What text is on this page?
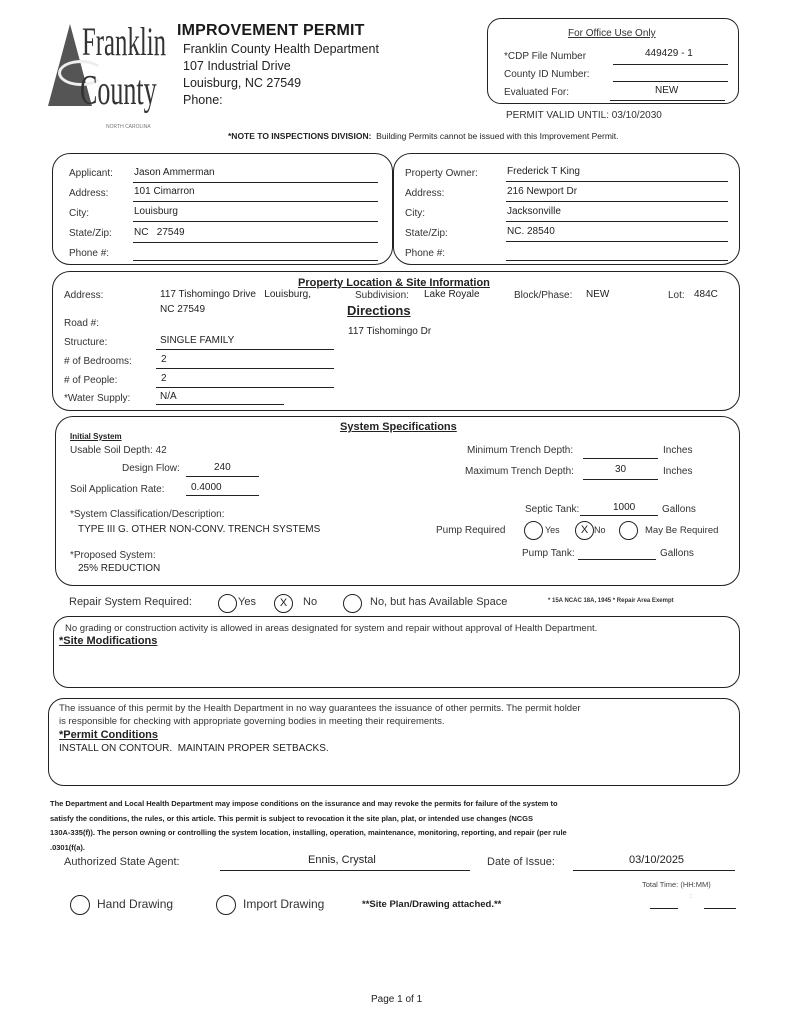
Franklin
County
NORTH CAROLINA
IMPROVEMENT PERMIT
Franklin County Health Department
107 Industrial Drive
Louisburg, NC 27549
Phone:
For Office Use Only
*CDP File Number	449429 - 1
County ID Number:
Evaluated For:	NEW
PERMIT VALID UNTIL: 03/10/2030
*NOTE TO INSPECTIONS DIVISION: Building Permits cannot be issued with this Improvement Permit.
Applicant: Jason Ammerman
Address:	101 Cimarron
City:	Louisburg
State/Zip: NC   27549
Phone #:
Property Owner:	Frederick T King
Address:	216 Newport Dr
City:	Jacksonville
State/Zip:	NC. 28540
Phone #:
Property Location & Site Information
Address:	117 Tishomingo Drive   Louisburg,
NC 27549
Subdivision: Lake Royale	Block/Phase: NEW	Lot: 484C
Directions
117 Tishomingo Dr
Road #:
Structure:	SINGLE FAMILY
# of Bedrooms:	2
# of People:	2
*Water Supply:	N/A
System Specifications
Initial System
Usable Soil Depth: 42
Design Flow:	240
Soil Application Rate:	0.4000
*System Classification/Description:
TYPE III G. OTHER NON-CONV. TRENCH SYSTEMS
*Proposed System:
25% REDUCTION
Minimum Trench Depth:	Inches
Maximum Trench Depth:	30	Inches
Septic Tank:	1000	Gallons
Pump Required	Yes	X No	May Be Required
Pump Tank:	Gallons
Repair System Required:	Yes	X	No	No, but has Available Space	* 15A NCAC 18A, 1945 * Repair Area Exempt
No grading or construction activity is allowed in areas designated for system and repair without approval of Health Department.
*Site Modifications
The issuance of this permit by the Health Department in no way guarantees the issuance of other permits. The permit holder
is responsible for checking with appropriate governing bodies in meeting their requirements.
*Permit Conditions
INSTALL ON CONTOUR.  MAINTAIN PROPER SETBACKS.
The Department and Local Health Department may impose conditions on the issurance and may revoke the permits for failure of the system to
satisfy the conditions, the rules, or this article. This permit is subject to revocation it the site plan, plat, or intended use changes (NCGS
130A-335(f)). The person owning or controlling the system location, installing, operation, maintenance, monitoring, reporting, and repair (per rule
.0301(f(a).
Authorized State Agent:	Ennis, Crystal	Date of Issue:	03/10/2025
Total Time: (HH:MM)
Hand Drawing	Import Drawing	**Site Plan/Drawing attached.**
:
Page 1 of 1
